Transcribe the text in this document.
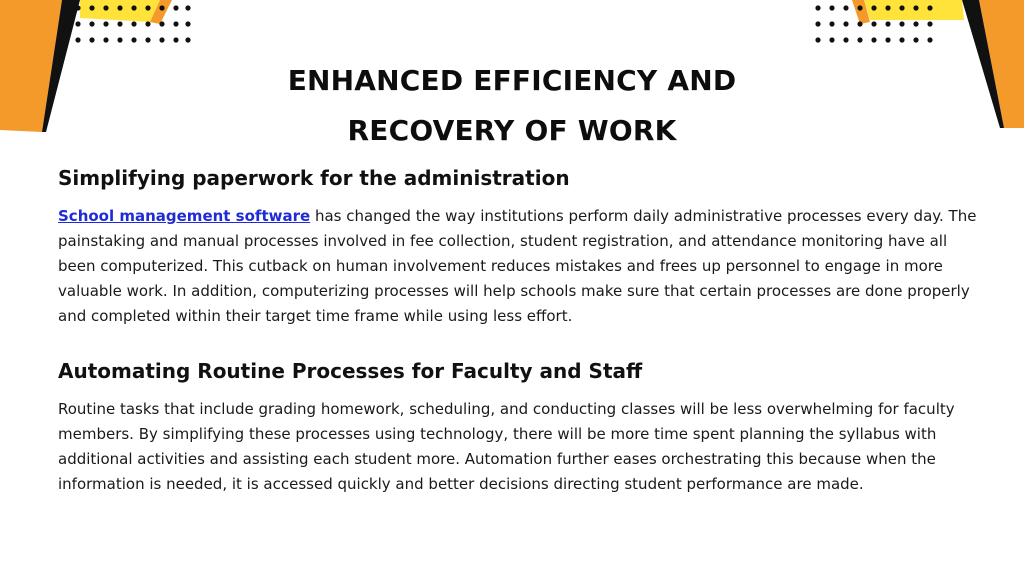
ENHANCED EFFICIENCY AND
RECOVERY OF WORK
Simplifying paperwork for the administration

School management software has changed the way institutions perform daily administrative processes every day. The painstaking and manual processes involved in fee collection, student registration, and attendance monitoring have all been computerized. This cutback on human involvement reduces mistakes and frees up personnel to engage in more valuable work. In addition, computerizing processes will help schools make sure that certain processes are done properly and completed within their target time frame while using less effort.

Automating Routine Processes for Faculty and Staff

Routine tasks that include grading homework, scheduling, and conducting classes will be less overwhelming for faculty members. By simplifying these processes using technology, there will be more time spent planning the syllabus with additional activities and assisting each student more. Automation further eases orchestrating this because when the information is needed, it is accessed quickly and better decisions directing student performance are made.
